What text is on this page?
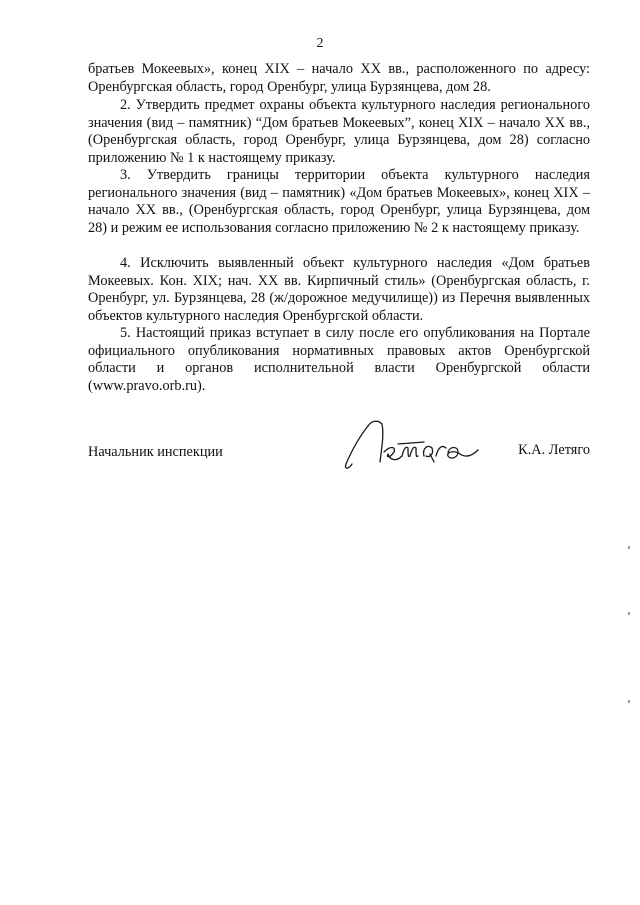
2

братьев Мокеевых», конец XIX – начало XX вв., расположенного по адресу: Оренбургская область, город Оренбург, улица Бурзянцева, дом 28.

2. Утвердить предмет охраны объекта культурного наследия регионального значения (вид – памятник) “Дом братьев Мокеевых”, конец XIX – начало XX вв., (Оренбургская область, город Оренбург, улица Бурзянцева, дом 28) согласно приложению № 1 к настоящему приказу.

3. Утвердить границы территории объекта культурного наследия регионального значения (вид – памятник) «Дом братьев Мокеевых», конец XIX – начало XX вв., (Оренбургская область, город Оренбург, улица Бурзянцева, дом 28) и режим ее использования согласно приложению № 2 к настоящему приказу.

4. Исключить выявленный объект культурного наследия «Дом братьев Мокеевых. Кон. XIX; нач. XX вв. Кирпичный стиль» (Оренбургская область, г. Оренбург, ул. Бурзянцева, 28 (ж/дорожное медучилище)) из Перечня выявленных объектов культурного наследия Оренбургской области.

5. Настоящий приказ вступает в силу после его опубликования на Портале официального опубликования нормативных правовых актов Оренбургской области и органов исполнительной власти Оренбургской области (www.pravo.orb.ru).

Начальник инспекции	К.А. Летяго
